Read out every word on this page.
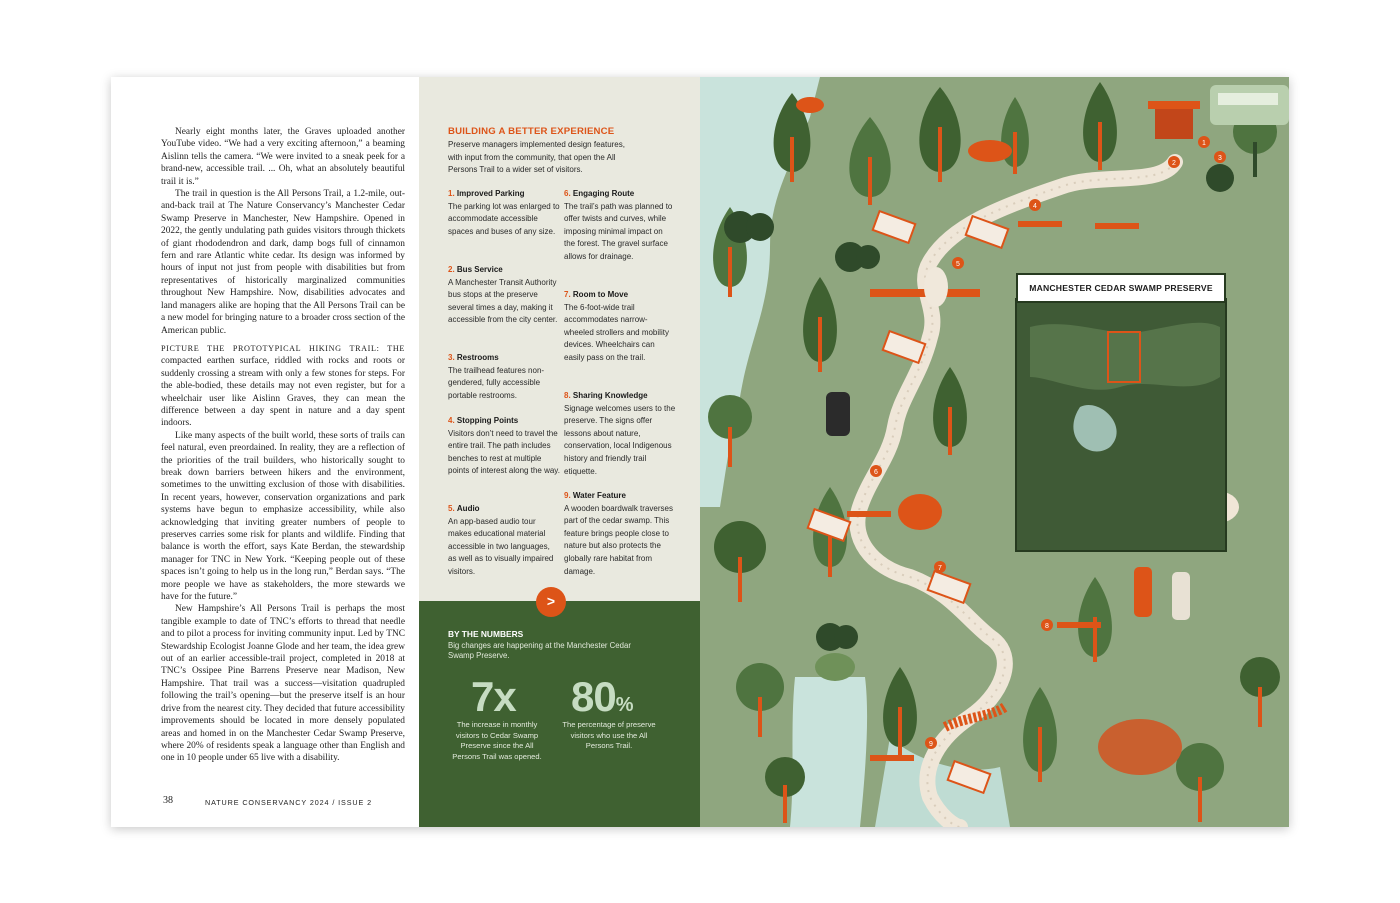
Nearly eight months later, the Graves uploaded another YouTube video. “We had a very exciting afternoon,” a beaming Aislinn tells the camera. “We were invited to a sneak peek for a brand-new, accessible trail. ... Oh, what an absolutely beautiful trail it is.”

The trail in question is the All Persons Trail, a 1.2-mile, out-and-back trail at The Nature Conservancy’s Manchester Cedar Swamp Preserve in Manchester, New Hampshire. Opened in 2022, the gently undulating path guides visitors through thickets of giant rhododendron and dark, damp bogs full of cinnamon fern and rare Atlantic white cedar. Its design was informed by hours of input not just from people with disabilities but from representatives of historically marginalized communities throughout New Hampshire. Now, disabilities advocates and land managers alike are hoping that the All Persons Trail can be a new model for bringing nature to a broader cross section of the American public.

PICTURE THE PROTOTYPICAL HIKING TRAIL: THE compacted earthen surface, riddled with rocks and roots or suddenly crossing a stream with only a few stones for steps. For the able-bodied, these details may not even register, but for a wheelchair user like Aislinn Graves, they can mean the difference between a day spent in nature and a day spent indoors.

Like many aspects of the built world, these sorts of trails can feel natural, even preordained. In reality, they are a reflection of the priorities of the trail builders, who historically sought to break down barriers between hikers and the environment, sometimes to the unwitting exclusion of those with disabilities. In recent years, however, conservation organizations and park systems have begun to emphasize accessibility, while also acknowledging that inviting greater numbers of people to preserves carries some risk for plants and wildlife. Finding that balance is worth the effort, says Kate Berdan, the stewardship manager for TNC in New York. “Keeping people out of these spaces isn’t going to help us in the long run,” Berdan says. “The more people we have as stakeholders, the more stewards we have for the future.”

New Hampshire’s All Persons Trail is perhaps the most tangible example to date of TNC’s efforts to thread that needle and to pilot a process for inviting community input. Led by TNC Stewardship Ecologist Joanne Glode and her team, the idea grew out of an earlier accessible-trail project, completed in 2018 at TNC’s Ossipee Pine Barrens Preserve near Madison, New Hampshire. That trail was a success—visitation quadrupled following the trail’s opening—but the preserve itself is an hour drive from the nearest city. They decided that future accessibility improvements should be located in more densely populated areas and homed in on the Manchester Cedar Swamp Preserve, where 20% of residents speak a language other than English and one in 10 people under 65 live with a disability.

38	NATURE CONSERVANCY 2024 / ISSUE 2
BUILDING A BETTER EXPERIENCE
Preserve managers implemented design features, with input from the community, that open the All Persons Trail to a wider set of visitors.
1. Improved Parking
The parking lot was enlarged to accommodate accessible spaces and buses of any size.
2. Bus Service
A Manchester Transit Authority bus stops at the preserve several times a day, making it accessible from the city center.
3. Restrooms
The trailhead features non-gendered, fully accessible portable restrooms.
4. Stopping Points
Visitors don’t need to travel the entire trail. The path includes benches to rest at multiple points of interest along the way.
5. Audio
An app-based audio tour makes educational material accessible in two languages, as well as to visually impaired visitors.
6. Engaging Route
The trail’s path was planned to offer twists and curves, while imposing minimal impact on the forest. The gravel surface allows for drainage.
7. Room to Move
The 6-foot-wide trail accommodates narrow-wheeled strollers and mobility devices. Wheelchairs can easily pass on the trail.
8. Sharing Knowledge
Signage welcomes users to the preserve. The signs offer lessons about nature, conservation, local Indigenous history and friendly trail etiquette.
9. Water Feature
A wooden boardwalk traverses part of the cedar swamp. This feature brings people close to nature but also protects the globally rare habitat from damage.
>
BY THE NUMBERS
Big changes are happening at the Manchester Cedar Swamp Preserve.
7x
The increase in monthly visitors to Cedar Swamp Preserve since the All Persons Trail was opened.
80%
The percentage of preserve visitors who use the All Persons Trail.
1
2
3
4
5
6
7
8
9
MANCHESTER CEDAR SWAMP PRESERVE
